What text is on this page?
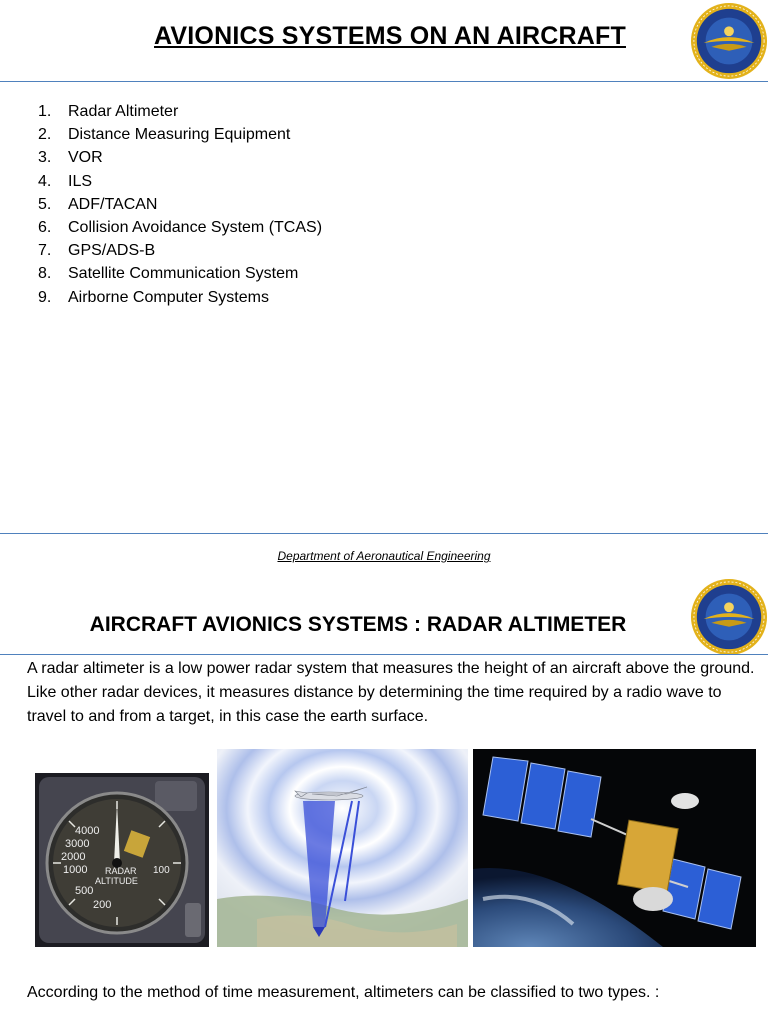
AVIONICS SYSTEMS ON AN AIRCRAFT
1.	Radar Altimeter
2.	Distance Measuring Equipment
3.	VOR
4.	ILS
5.	ADF/TACAN
6.	Collision Avoidance System (TCAS)
7.	GPS/ADS-B
8.	Satellite Communication System
9.	Airborne Computer Systems
Department of Aeronautical Engineering
AIRCRAFT AVIONICS SYSTEMS : RADAR ALTIMETER
A radar altimeter is a low power radar system that measures the height of an aircraft above the ground. Like other radar devices, it measures distance by determining the time required by a radio wave to travel to and from a target, in this case the earth surface.
4000
3000
2000
1000
500
200
100
RADAR
ALTITUDE
According to the method of time measurement, altimeters can be classified to two types. :
